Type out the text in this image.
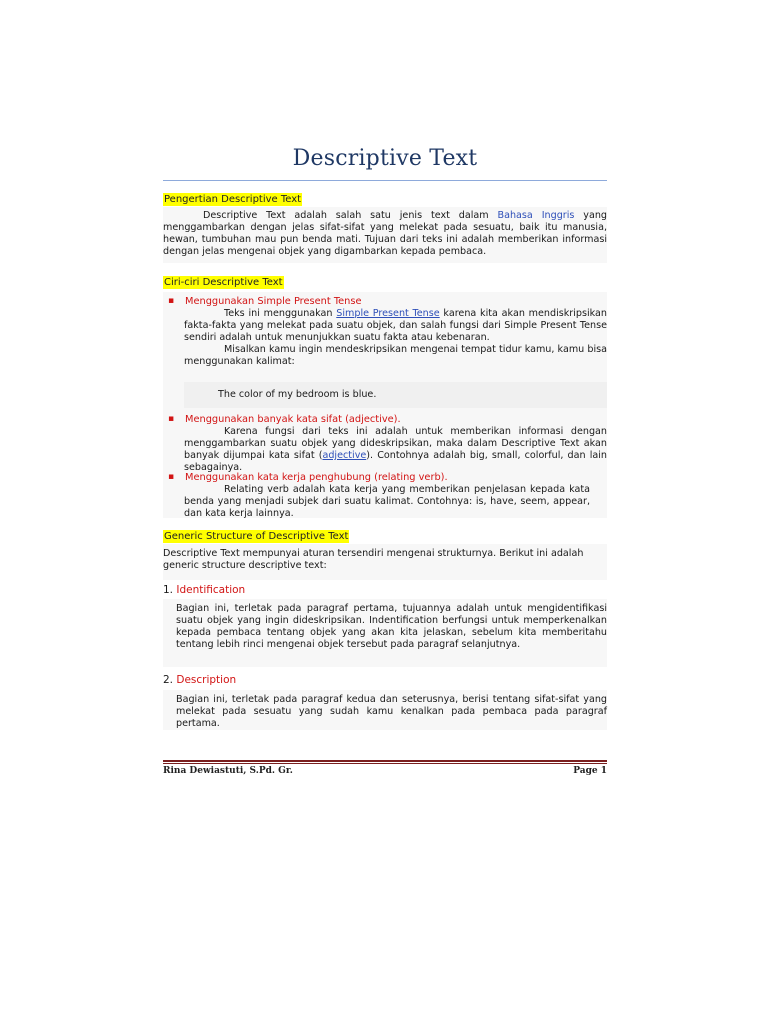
Descriptive Text
Pengertian Descriptive Text

Descriptive Text adalah salah satu jenis text dalam Bahasa Inggris yang menggambarkan dengan jelas sifat-sifat yang melekat pada sesuatu, baik itu manusia, hewan, tumbuhan mau pun benda mati. Tujuan dari teks ini adalah memberikan informasi dengan jelas mengenai objek yang digambarkan kepada pembaca.

Ciri-ciri Descriptive Text
▪ Menggunakan Simple Present Tense

Teks ini menggunakan Simple Present Tense karena kita akan mendiskripsikan fakta-fakta yang melekat pada suatu objek, dan salah fungsi dari Simple Present Tense sendiri adalah untuk menunjukkan suatu fakta atau kebenaran.

Misalkan kamu ingin mendeskripsikan mengenai tempat tidur kamu, kamu bisa menggunakan kalimat:

The color of my bedroom is blue.
▪ Menggunakan banyak kata sifat (adjective).

Karena fungsi dari teks ini adalah untuk memberikan informasi dengan menggambarkan suatu objek yang dideskripsikan, maka dalam Descriptive Text akan banyak dijumpai kata sifat (adjective). Contohnya adalah big, small, colorful, dan lain sebagainya.

▪ Menggunakan kata kerja penghubung (relating verb).

Relating verb adalah kata kerja yang memberikan penjelasan kepada kata benda yang menjadi subjek dari suatu kalimat. Contohnya: is, have, seem, appear, dan kata kerja lainnya.

Generic Structure of Descriptive Text
Descriptive Text mempunyai aturan tersendiri mengenai strukturnya. Berikut ini adalah generic structure descriptive text:
1. Identification
Bagian ini, terletak pada paragraf pertama, tujuannya adalah untuk mengidentifikasi suatu objek yang ingin dideskripsikan. Indentification berfungsi untuk memperkenalkan kepada pembaca tentang objek yang akan kita jelaskan, sebelum kita memberitahu tentang lebih rinci mengenai objek tersebut pada paragraf selanjutnya.
2. Description
Bagian ini, terletak pada paragraf kedua dan seterusnya, berisi tentang sifat-sifat yang melekat pada sesuatu yang sudah kamu kenalkan pada pembaca pada paragraf pertama.
Rina Dewiastuti, S.Pd. Gr.	Page 1
